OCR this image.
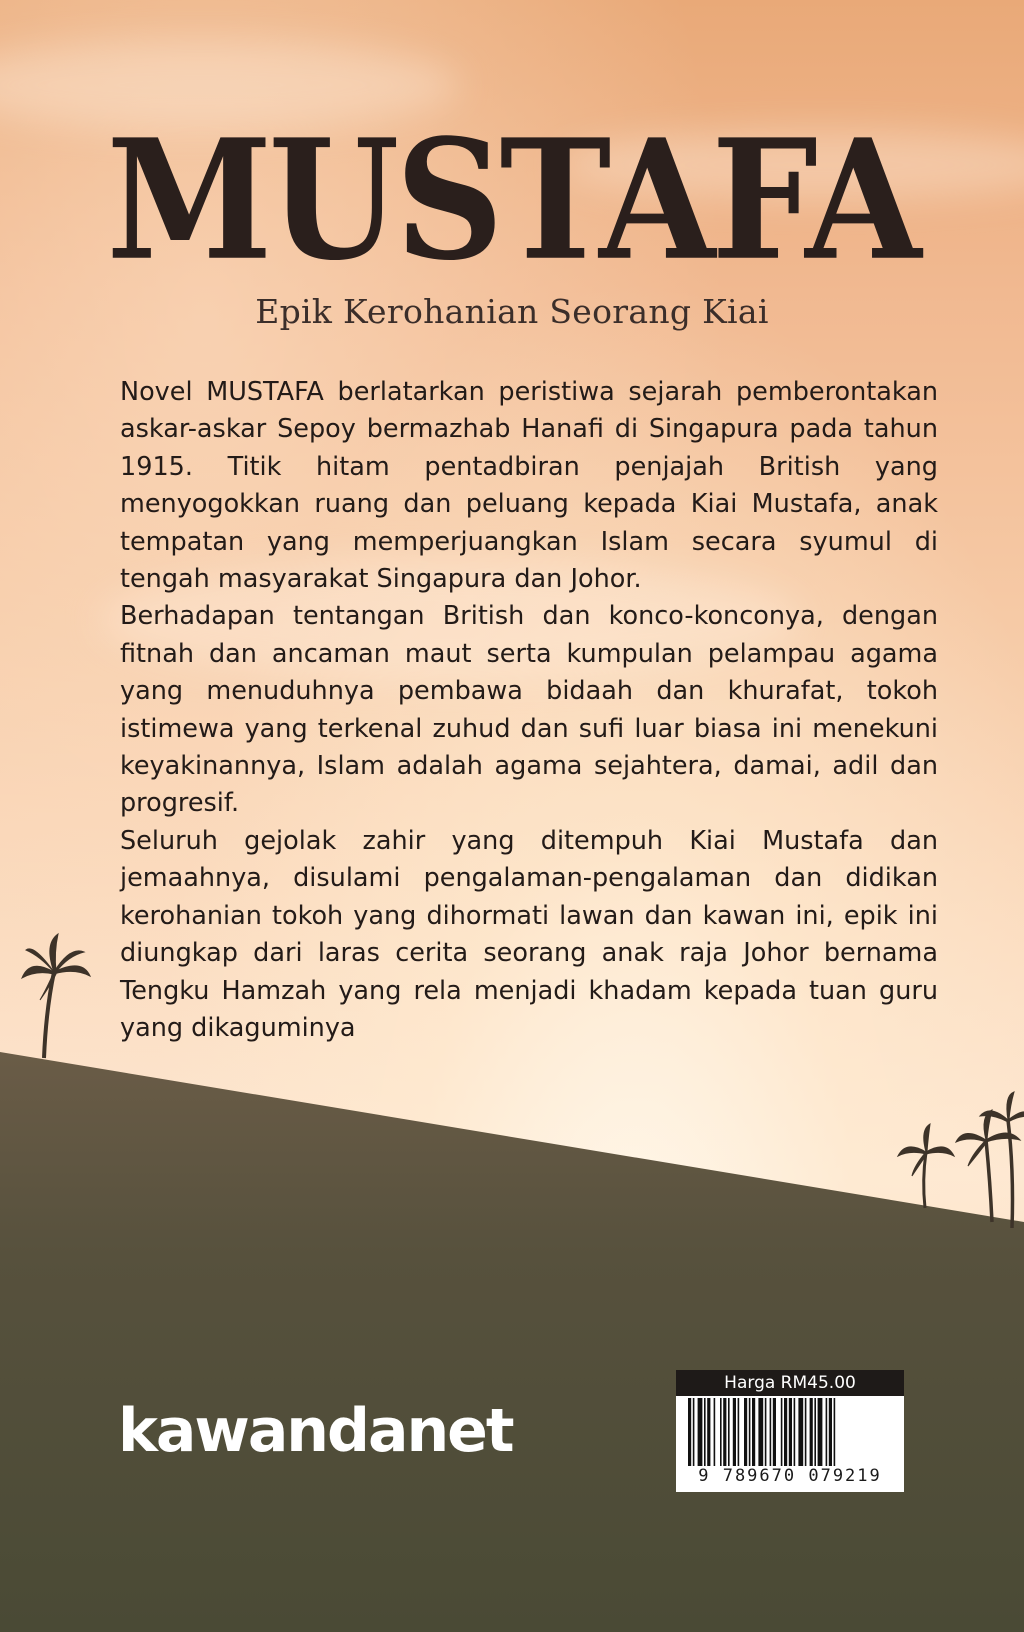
MUSTAFA
Epik Kerohanian Seorang Kiai

Novel MUSTAFA berlatarkan peristiwa sejarah pemberontakan askar-askar Sepoy bermazhab Hanafi di Singapura pada tahun 1915. Titik hitam pentadbiran penjajah British yang menyogokkan ruang dan peluang kepada Kiai Mustafa, anak tempatan yang memperjuangkan Islam secara syumul di tengah masyarakat Singapura dan Johor.

Berhadapan tentangan British dan konco-konconya, dengan fitnah dan ancaman maut serta kumpulan pelampau agama yang menuduhnya pembawa bidaah dan khurafat, tokoh istimewa yang terkenal zuhud dan sufi luar biasa ini menekuni keyakinannya, Islam adalah agama sejahtera, damai, adil dan progresif.

Seluruh gejolak zahir yang ditempuh Kiai Mustafa dan jemaahnya, disulami pengalaman-pengalaman dan didikan kerohanian tokoh yang dihormati lawan dan kawan ini, epik ini diungkap dari laras cerita seorang anak raja Johor bernama Tengku Hamzah yang rela menjadi khadam kepada tuan guru yang dikaguminya

kawandanet
Harga RM45.00
9 789670 079219
